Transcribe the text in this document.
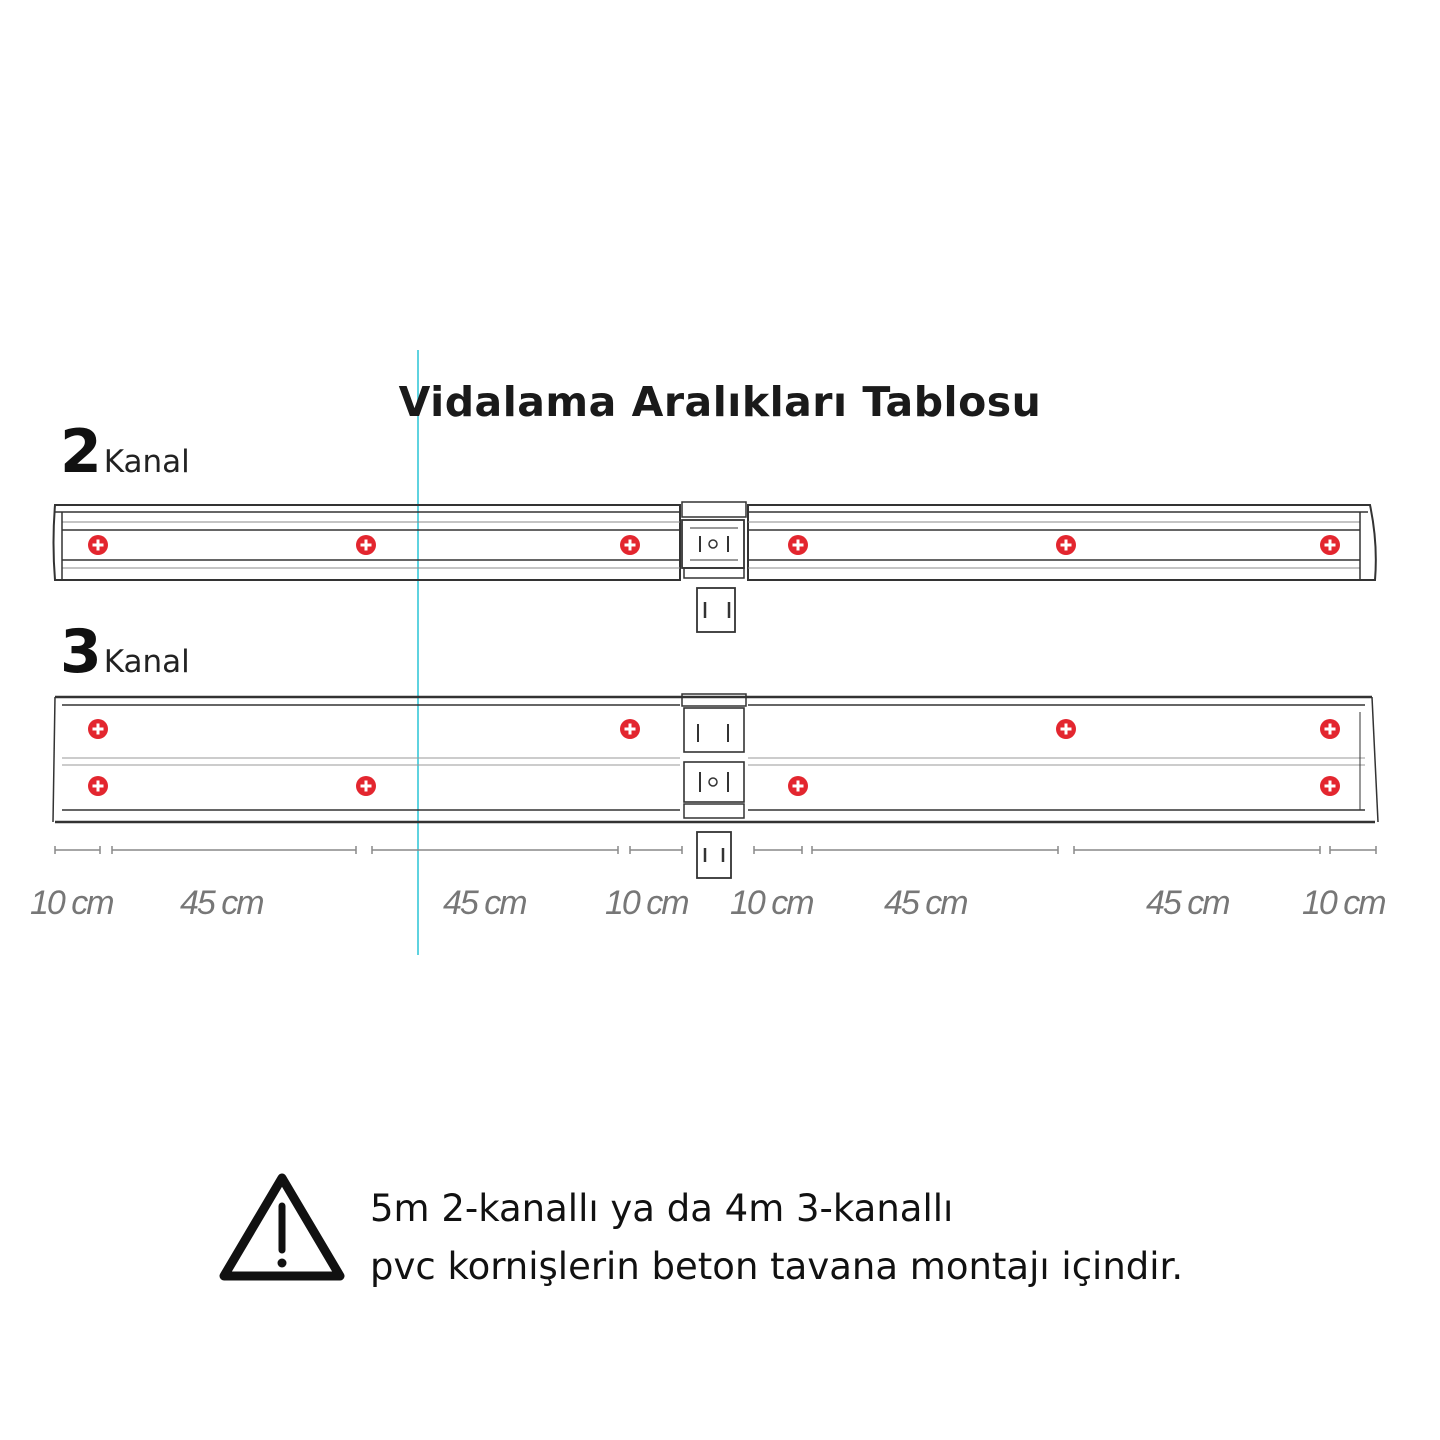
Vidalama Aralıkları Tablosu
2 Kanal
3 Kanal
10 cm 45 cm	45 cm 10 cm 10 cm 45 cm	45 cm 10 cm
5m 2-kanallı ya da 4m 3-kanallı
pvc kornişlerin beton tavana montajı içindir.
